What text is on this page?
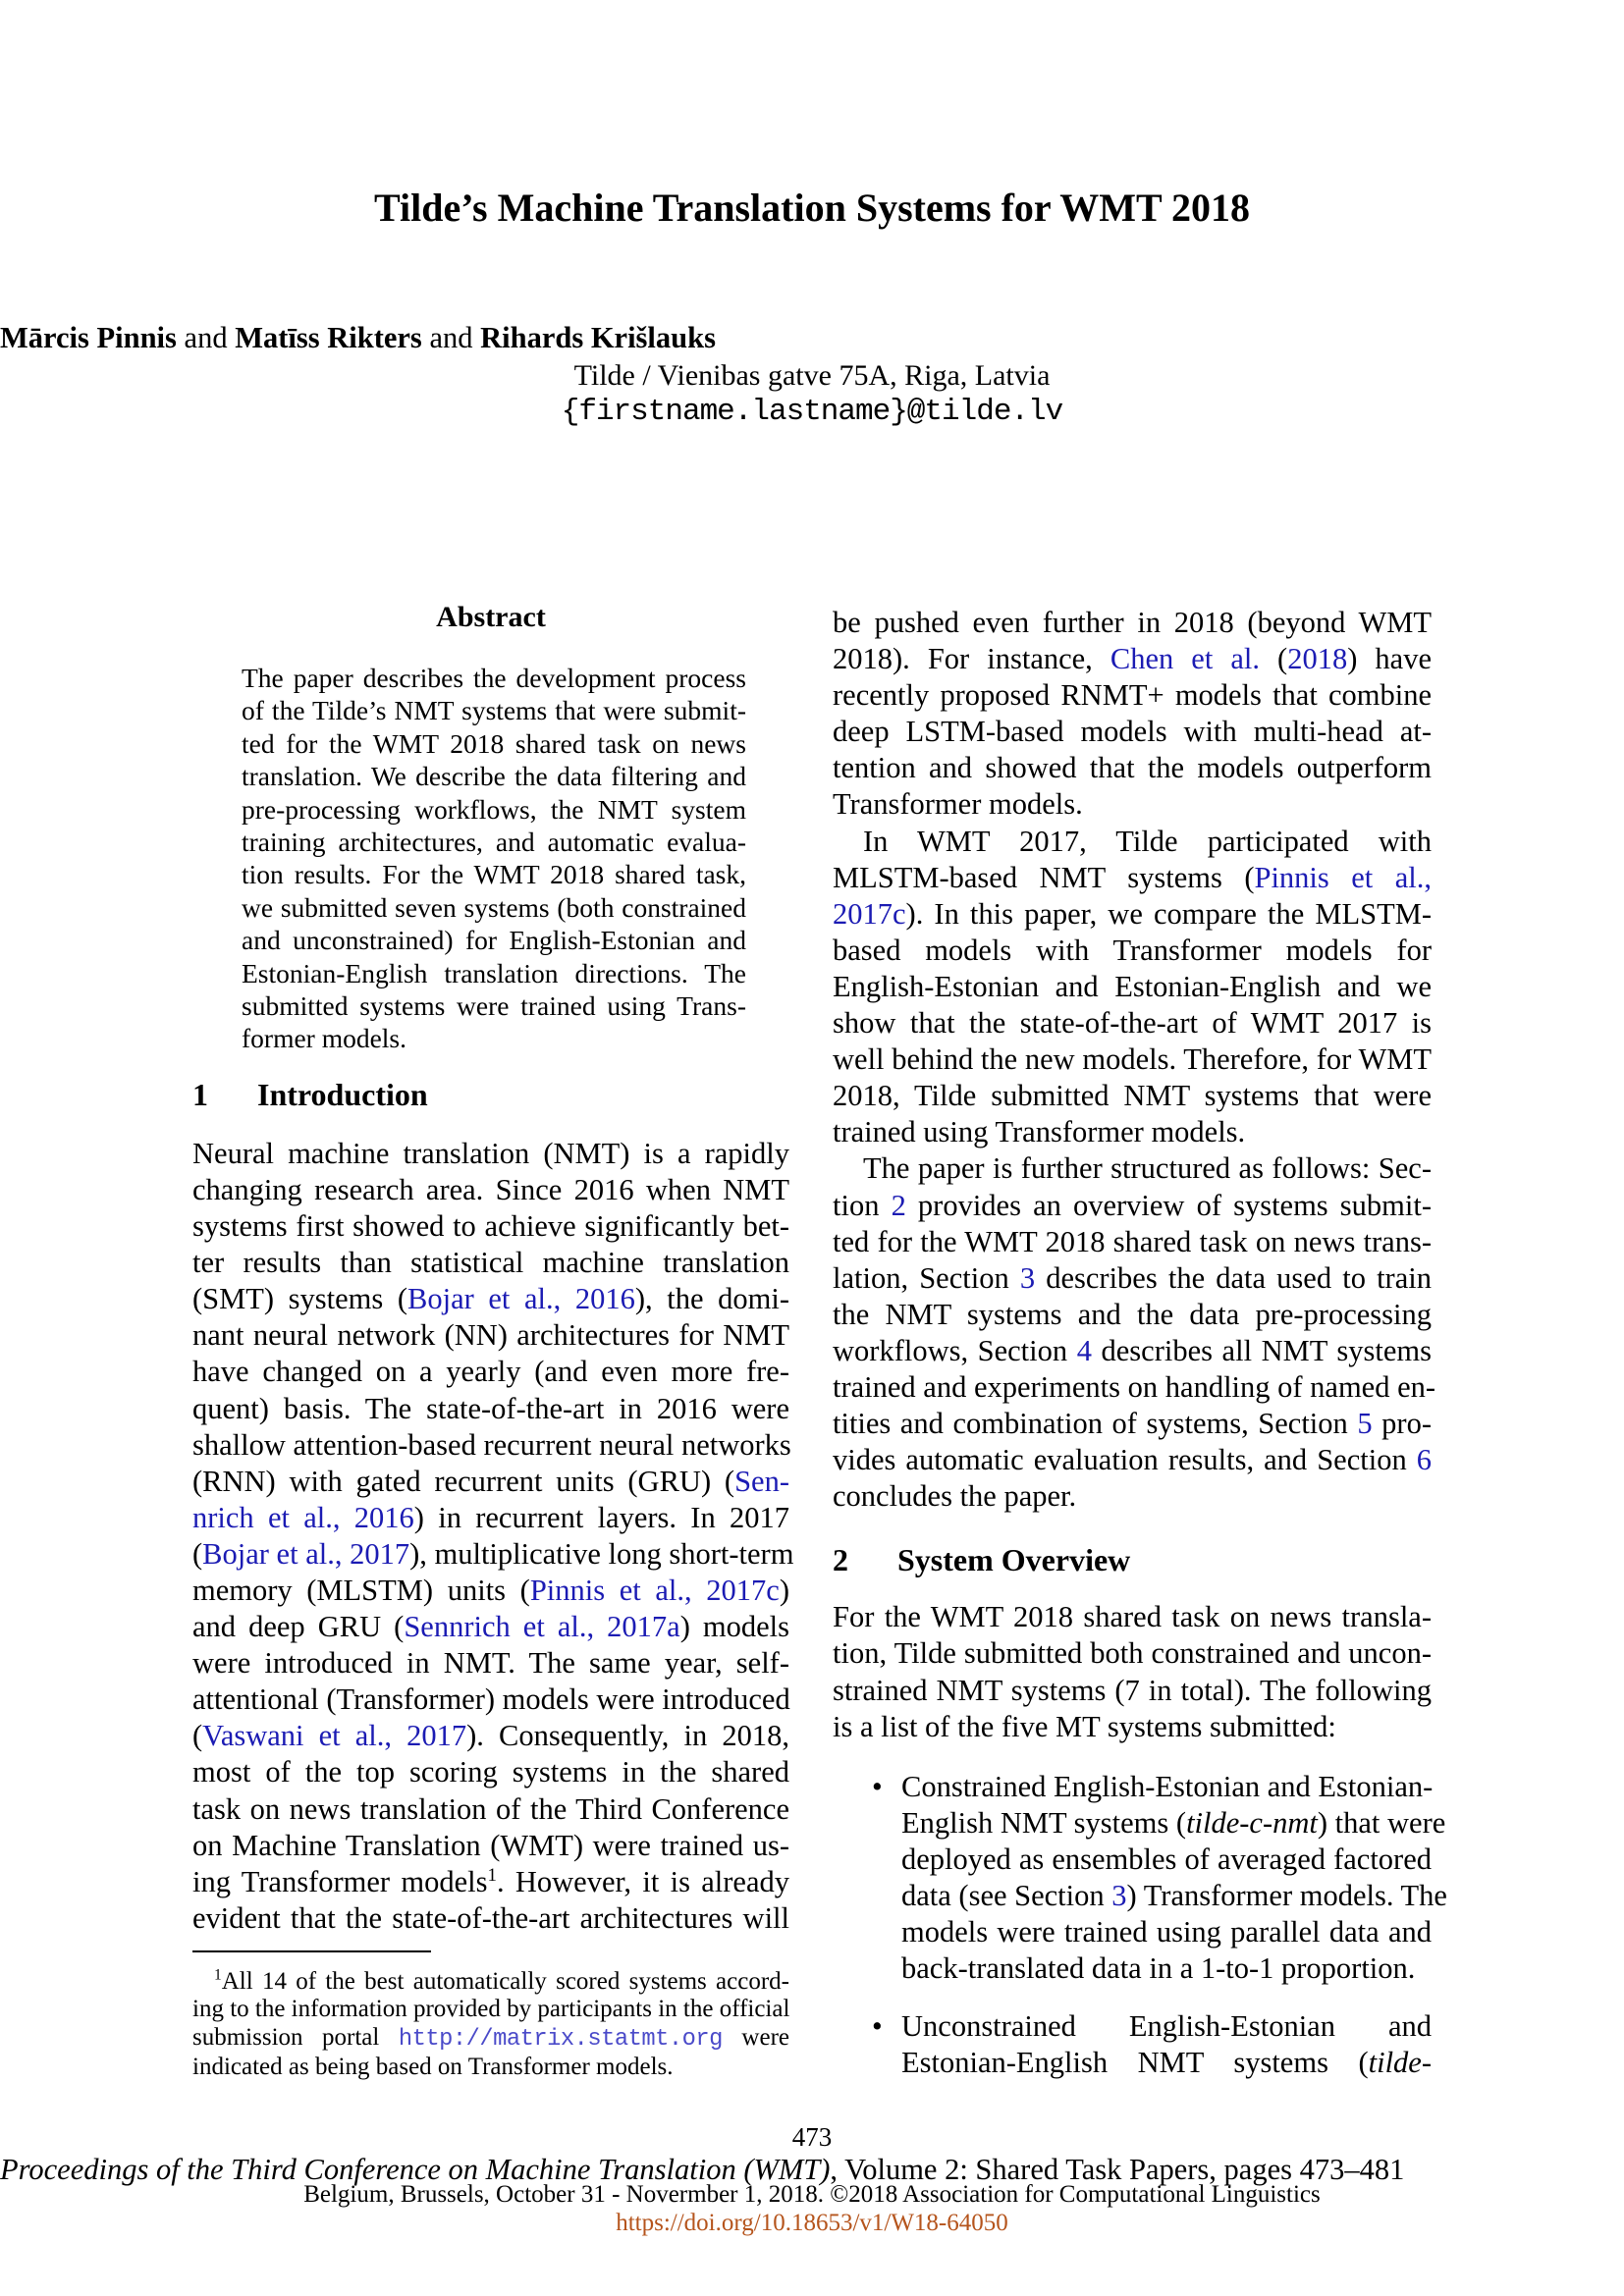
Tilde’s Machine Translation Systems for WMT 2018
Mārcis Pinnis and Matīss Rikters and Rihards Krišlauks
Tilde / Vienibas gatve 75A, Riga, Latvia
{firstname.lastname}@tilde.lv
Abstract
The paper describes the development process
of the Tilde’s NMT systems that were submit-
ted for the WMT 2018 shared task on news
translation. We describe the data filtering and
pre-processing workflows, the NMT system
training architectures, and automatic evalua-
tion results. For the WMT 2018 shared task,
we submitted seven systems (both constrained
and unconstrained) for English-Estonian and
Estonian-English translation directions. The
submitted systems were trained using Trans-
former models.
1 Introduction
Neural machine translation (NMT) is a rapidly
changing research area. Since 2016 when NMT
systems first showed to achieve significantly bet-
ter results than statistical machine translation
(SMT) systems (Bojar et al., 2016), the domi-
nant neural network (NN) architectures for NMT
have changed on a yearly (and even more fre-
quent) basis. The state-of-the-art in 2016 were
shallow attention-based recurrent neural networks
(RNN) with gated recurrent units (GRU) (Sen-
nrich et al., 2016) in recurrent layers. In 2017
(Bojar et al., 2017), multiplicative long short-term
memory (MLSTM) units (Pinnis et al., 2017c)
and deep GRU (Sennrich et al., 2017a) models
were introduced in NMT. The same year, self-
attentional (Transformer) models were introduced
(Vaswani et al., 2017). Consequently, in 2018,
most of the top scoring systems in the shared
task on news translation of the Third Conference
on Machine Translation (WMT) were trained us-
ing Transformer models$^1$. However, it is already
evident that the state-of-the-art architectures will
$^1$All 14 of the best automatically scored systems accord-
ing to the information provided by participants in the official
submission portal http://matrix.statmt.org were
indicated as being based on Transformer models.
be pushed even further in 2018 (beyond WMT
2018). For instance, Chen et al. (2018) have
recently proposed RNMT+ models that combine
deep LSTM-based models with multi-head at-
tention and showed that the models outperform
Transformer models.
In WMT 2017, Tilde participated with
MLSTM-based NMT systems (Pinnis et al.,
2017c). In this paper, we compare the MLSTM-
based models with Transformer models for
English-Estonian and Estonian-English and we
show that the state-of-the-art of WMT 2017 is
well behind the new models. Therefore, for WMT
2018, Tilde submitted NMT systems that were
trained using Transformer models.
The paper is further structured as follows: Sec-
tion 2 provides an overview of systems submit-
ted for the WMT 2018 shared task on news trans-
lation, Section 3 describes the data used to train
the NMT systems and the data pre-processing
workflows, Section 4 describes all NMT systems
trained and experiments on handling of named en-
tities and combination of systems, Section 5 pro-
vides automatic evaluation results, and Section 6
concludes the paper.
2 System Overview
For the WMT 2018 shared task on news transla-
tion, Tilde submitted both constrained and uncon-
strained NMT systems (7 in total). The following
is a list of the five MT systems submitted:
• Constrained English-Estonian and Estonian-
English NMT systems (tilde-c-nmt) that were
deployed as ensembles of averaged factored
data (see Section 3) Transformer models. The
models were trained using parallel data and
back-translated data in a 1-to-1 proportion.
• Unconstrained English-Estonian and
Estonian-English NMT systems (tilde-
473
Proceedings of the Third Conference on Machine Translation (WMT), Volume 2: Shared Task Papers, pages 473–481
Belgium, Brussels, October 31 - Novermber 1, 2018. ©2018 Association for Computational Linguistics
https://doi.org/10.18653/v1/W18-64050
